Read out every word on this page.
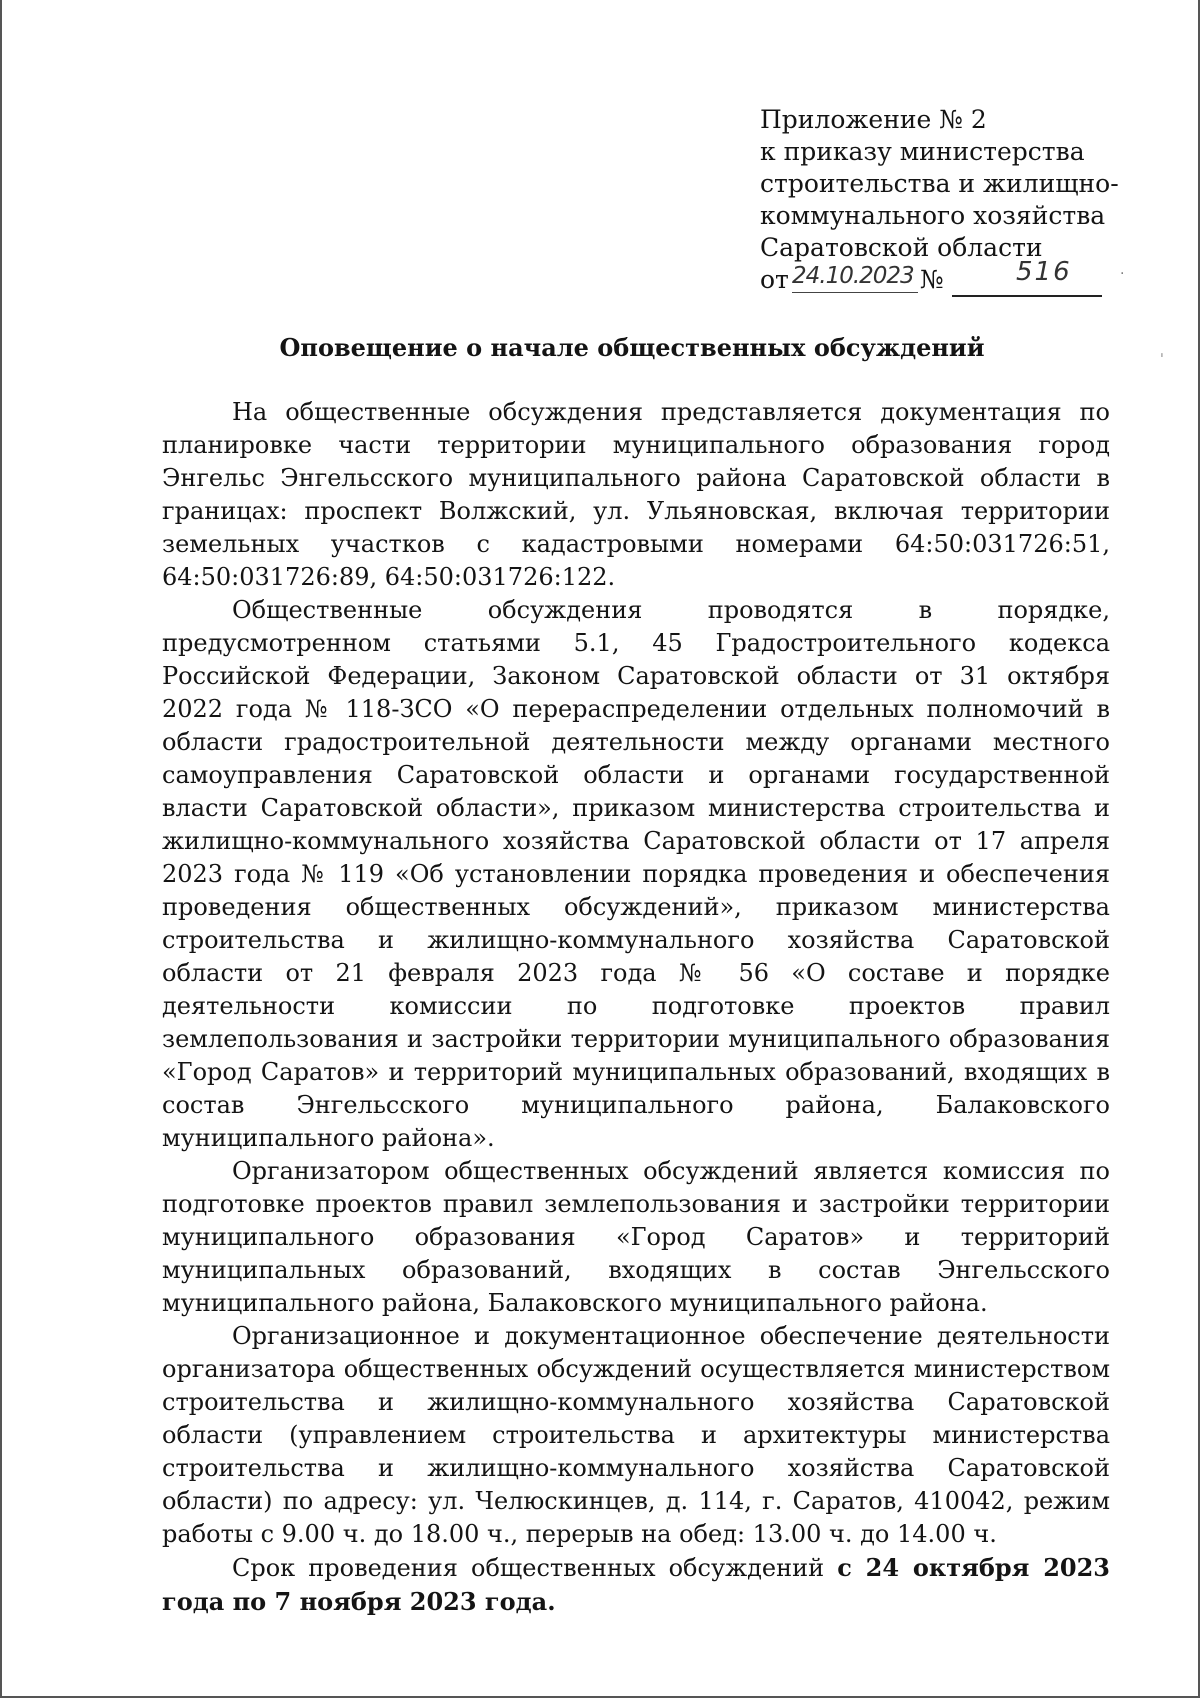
Приложение № 2
к приказу министерства
строительства и жилищно-
коммунального хозяйства
Саратовской области
от 24.10.2023 №	516
Оповещение о начале общественных обсуждений

На общественные обсуждения представляется документация по планировке части территории муниципального образования город Энгельс Энгельсского муниципального района Саратовской области в границах: проспект Волжский, ул. Ульяновская, включая территории земельных участков с кадастровыми номерами 64:50:031726:51, 64:50:031726:89, 64:50:031726:122.

Общественные обсуждения проводятся в порядке, предусмотренном статьями 5.1, 45 Градостроительного кодекса Российской Федерации, Законом Саратовской области от 31 октября 2022 года № 118-ЗСО «О перераспределении отдельных полномочий в области градостроительной деятельности между органами местного самоуправления Саратовской области и органами государственной власти Саратовской области», приказом министерства строительства и жилищно-коммунального хозяйства Саратовской области от 17 апреля 2023 года № 119 «Об установлении порядка проведения и обеспечения проведения общественных обсуждений», приказом министерства строительства и жилищно-коммунального хозяйства Саратовской области от 21 февраля 2023 года № 56 «О составе и порядке деятельности комиссии по подготовке проектов правил землепользования и застройки территории муниципального образования «Город Саратов» и территорий муниципальных образований, входящих в состав Энгельсского муниципального района, Балаковского муниципального района».

Организатором общественных обсуждений является комиссия по подготовке проектов правил землепользования и застройки территории муниципального образования «Город Саратов» и территорий муниципальных образований, входящих в состав Энгельсского муниципального района, Балаковского муниципального района.

Организационное и документационное обеспечение деятельности организатора общественных обсуждений осуществляется министерством строительства и жилищно-коммунального хозяйства Саратовской области (управлением строительства и архитектуры министерства строительства и жилищно-коммунального хозяйства Саратовской области) по адресу: ул. Челюскинцев, д. 114, г. Саратов, 410042, режим работы с 9.00 ч. до 18.00 ч., перерыв на обед: 13.00 ч. до 14.00 ч.

Срок проведения общественных обсуждений с 24 октября 2023 года по 7 ноября 2023 года.

ˈ
·
